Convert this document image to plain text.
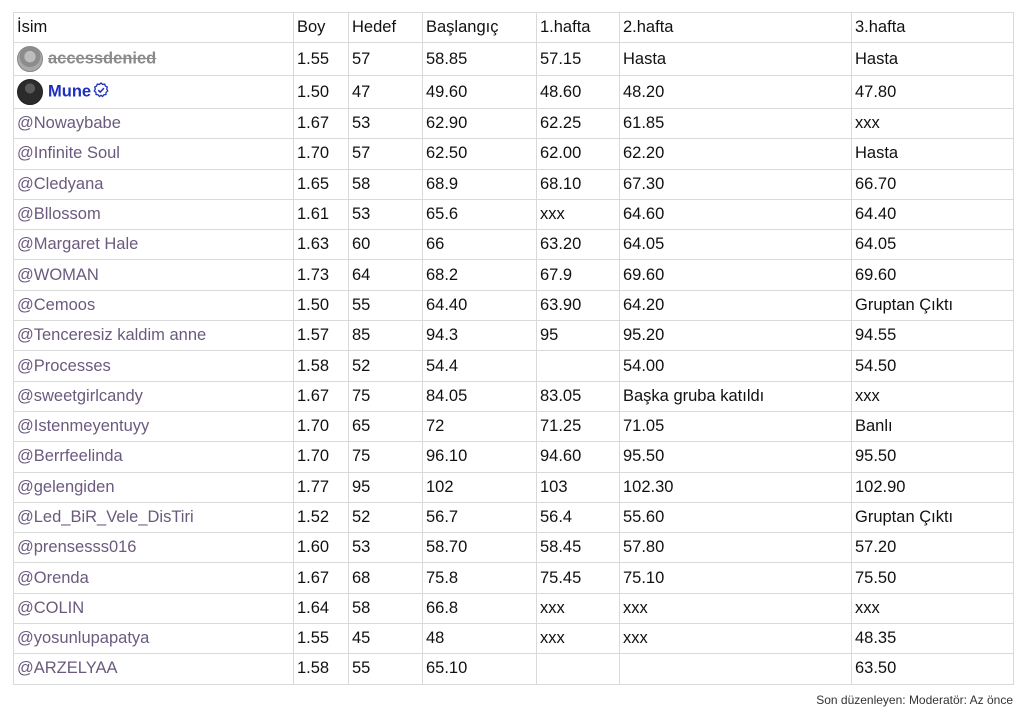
İsim	Boy	Hedef	Başlangıç	1.hafta	2.hafta	3.hafta
accessdenied	1.55	57	58.85	57.15	Hasta	Hasta
Mune	1.50	47	49.60	48.60	48.20	47.80
@Nowaybabe	1.67	53	62.90	62.25	61.85	xxx
@Infinite Soul	1.70	57	62.50	62.00	62.20	Hasta
@Cledyana	1.65	58	68.9	68.10	67.30	66.70
@Bllossom	1.61	53	65.6	xxx	64.60	64.40
@Margaret Hale	1.63	60	66	63.20	64.05	64.05
@WOMAN	1.73	64	68.2	67.9	69.60	69.60
@Cemoos	1.50	55	64.40	63.90	64.20	Gruptan Çıktı
@Tenceresiz kaldim anne	1.57	85	94.3	95	95.20	94.55
@Processes	1.58	52	54.4		54.00	54.50
@sweetgirlcandy	1.67	75	84.05	83.05	Başka gruba katıldı	xxx
@Istenmeyentuyy	1.70	65	72	71.25	71.05	Banlı
@Berrfeelinda	1.70	75	96.10	94.60	95.50	95.50
@gelengiden	1.77	95	102	103	102.30	102.90
@Led_BiR_Vele_DisTiri	1.52	52	56.7	56.4	55.60	Gruptan Çıktı
@prensesss016	1.60	53	58.70	58.45	57.80	57.20
@Orenda	1.67	68	75.8	75.45	75.10	75.50
@COLIN	1.64	58	66.8	xxx	xxx	xxx
@yosunlupapatya	1.55	45	48	xxx	xxx	48.35
@ARZELYAA	1.58	55	65.10			63.50
Son düzenleyen: Moderatör: Az önce
